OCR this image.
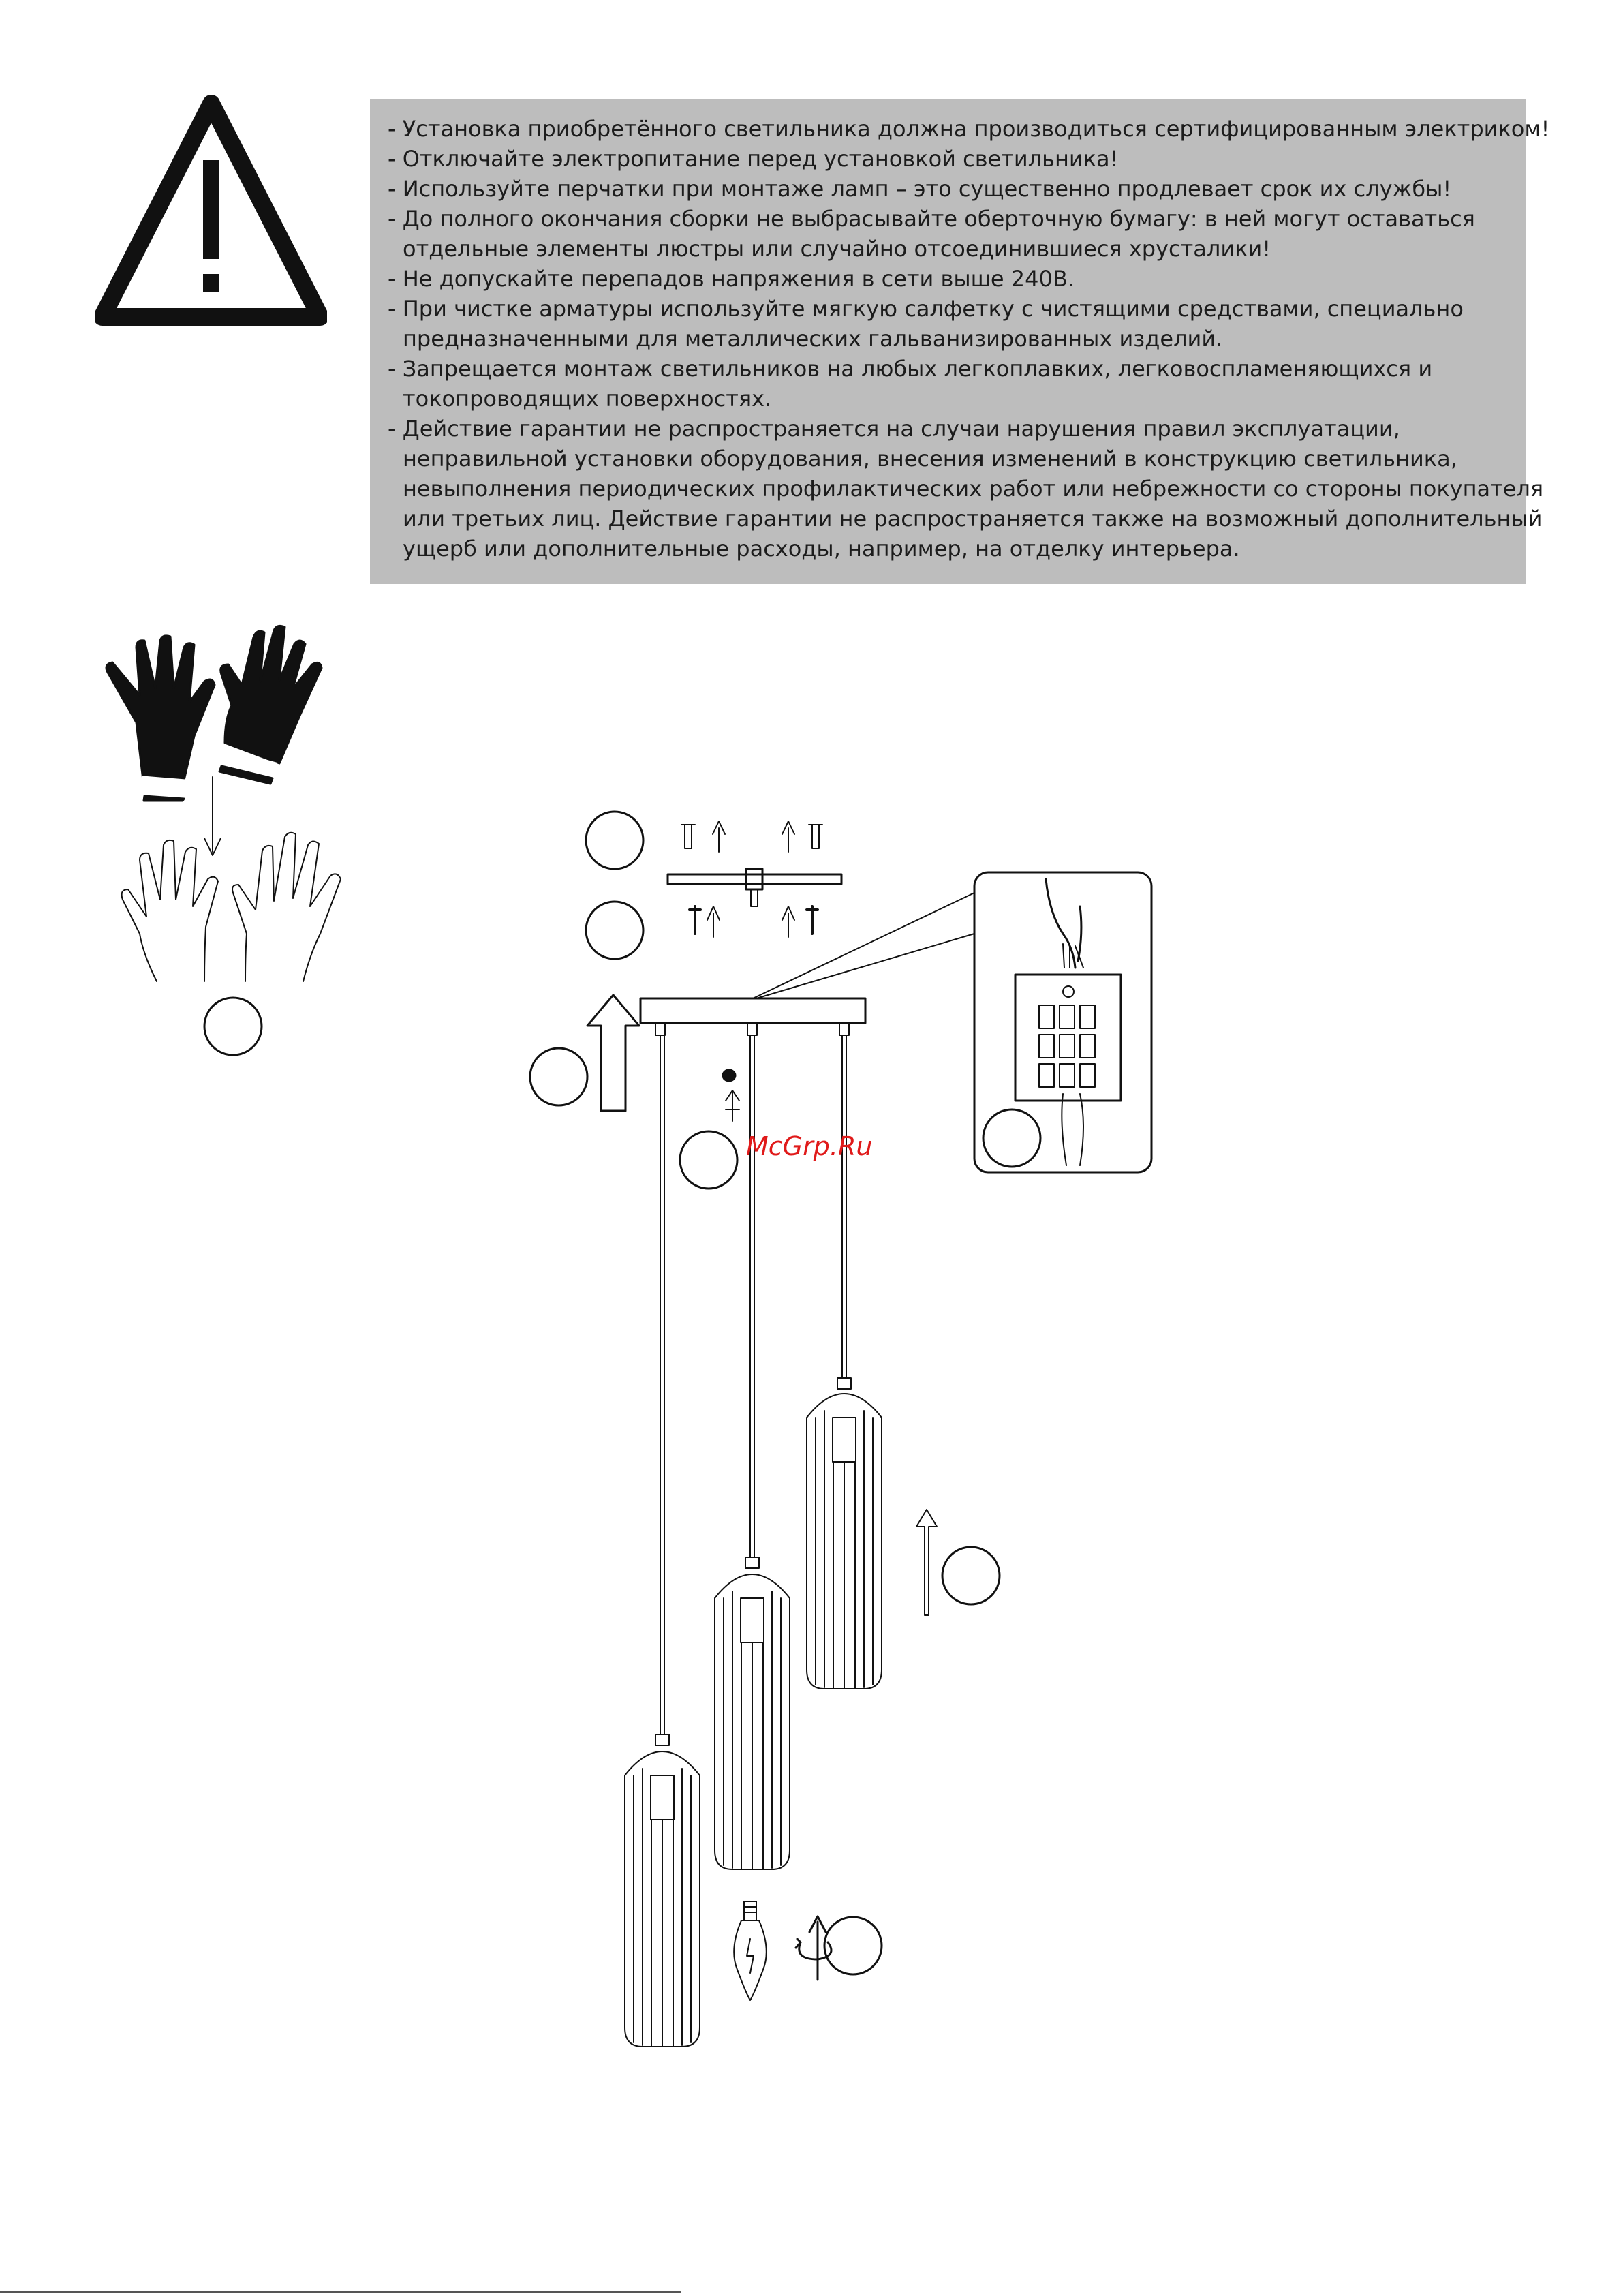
- Установка приобретённого светильника должна производиться сертифицированным электриком!
- Отключайте электропитание перед установкой светильника!
- Используйте перчатки при монтаже ламп – это существенно продлевает срок их службы!
- До полного окончания сборки не выбрасывайте оберточную бумагу: в ней могут оставаться
отдельные элементы люстры или случайно отсоединившиеся хрусталики!
- Не допускайте перепадов напряжения в сети выше 240В.
- При чистке арматуры используйте мягкую салфетку с чистящими средствами, специально
предназначенными для металлических гальванизированных изделий.
- Запрещается монтаж светильников на любых легкоплавких, легковоспламеняющихся и
токопроводящих поверхностях.
- Действие гарантии не распространяется на случаи нарушения правил эксплуатации,
неправильной установки оборудования, внесения изменений в конструкцию светильника,
невыполнения периодических профилактических работ или небрежности со стороны покупателя
или третьих лиц. Действие гарантии не распространяется также на возможный дополнительный
ущерб или дополнительные расходы, например, на отделку интерьера.
McGrp.Ru
